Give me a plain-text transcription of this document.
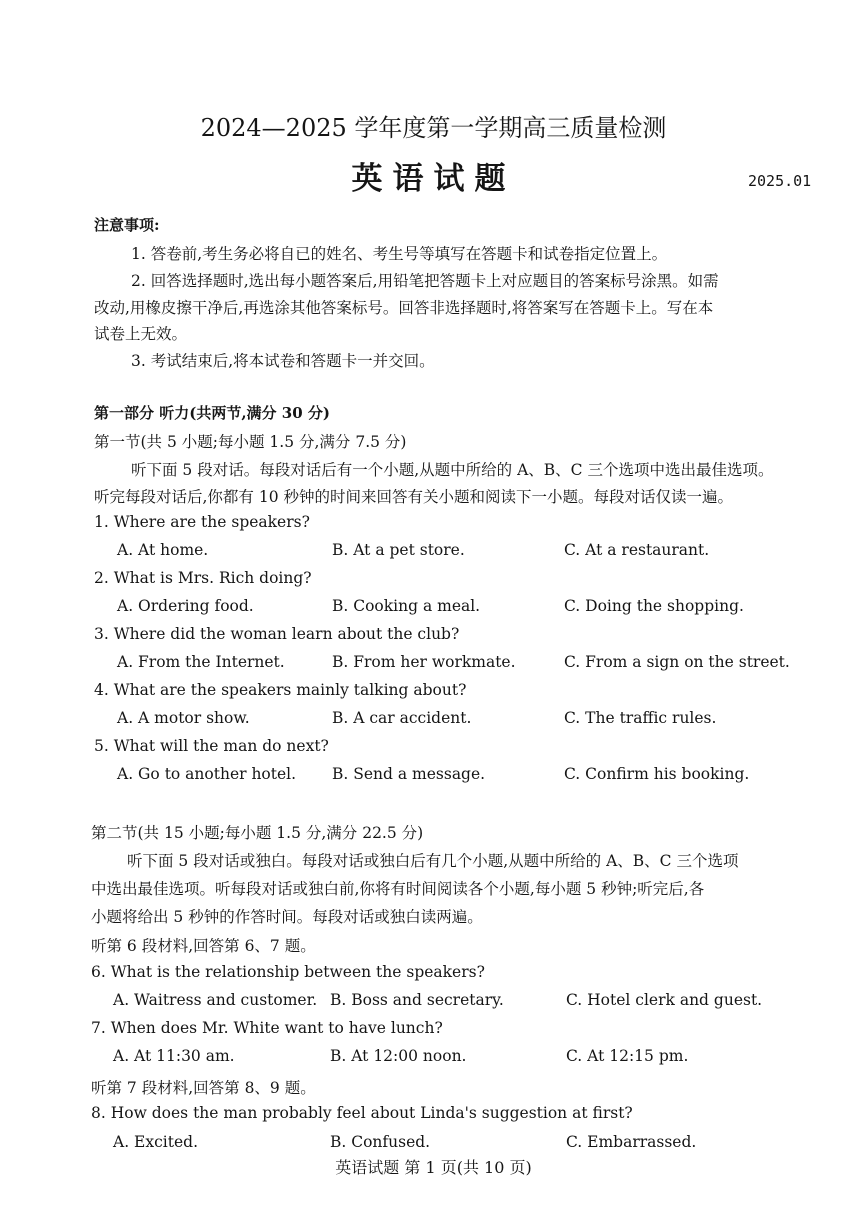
2024—2025 学年度第一学期高三质量检测
英语试题	2025.01
注意事项:
1. 答卷前,考生务必将自已的姓名、考生号等填写在答题卡和试卷指定位置上。
2. 回答选择题时,选出每小题答案后,用铅笔把答题卡上对应题目的答案标号涂黑。如需
改动,用橡皮擦干净后,再选涂其他答案标号。回答非选择题时,将答案写在答题卡上。写在本
试卷上无效。
3. 考试结束后,将本试卷和答题卡一并交回。
第一部分 听力(共两节,满分 30 分)
第一节(共 5 小题;每小题 1.5 分,满分 7.5 分)
听下面 5 段对话。每段对话后有一个小题,从题中所给的 A、B、C 三个选项中选出最佳选项。
听完每段对话后,你都有 10 秒钟的时间来回答有关小题和阅读下一小题。每段对话仅读一遍。
1. Where are the speakers?
A. At home.	B. At a pet store.	C. At a restaurant.
2. What is Mrs. Rich doing?
A. Ordering food.	B. Cooking a meal.	C. Doing the shopping.
3. Where did the woman learn about the club?
A. From the Internet.	B. From her workmate.	C. From a sign on the street.
4. What are the speakers mainly talking about?
A. A motor show.	B. A car accident.	C. The traffic rules.
5. What will the man do next?
A. Go to another hotel. B. Send a message.	C. Confirm his booking.
第二节(共 15 小题;每小题 1.5 分,满分 22.5 分)
听下面 5 段对话或独白。每段对话或独白后有几个小题,从题中所给的 A、B、C 三个选项
中选出最佳选项。听每段对话或独白前,你将有时间阅读各个小题,每小题 5 秒钟;听完后,各
小题将给出 5 秒钟的作答时间。每段对话或独白读两遍。
听第 6 段材料,回答第 6、7 题。
6. What is the relationship between the speakers?
A. Waitress and customer. B. Boss and secretary.	C. Hotel clerk and guest.
7. When does Mr. White want to have lunch?
A. At 11:30 am.	B. At 12:00 noon.	C. At 12:15 pm.
听第 7 段材料,回答第 8、9 题。
8. How does the man probably feel about Linda's suggestion at first?
A. Excited.	B. Confused.	C. Embarrassed.
英语试题 第 1 页(共 10 页)
